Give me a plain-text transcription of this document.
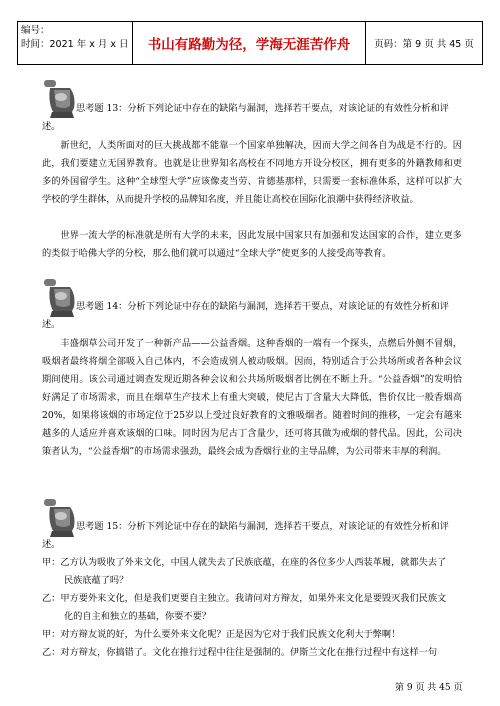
编号：
时间：2021 年 x 月 x 日	书山有路勤为径，学海无涯苦作舟	页码：第 9 页 共 45 页
思考题 13：分析下列论证中存在的缺陷与漏洞，选择若干要点，对该论证的有效性分析和评述。
新世纪，人类所面对的巨大挑战都不能靠一个国家单独解决，因而大学之间各自为战是不行的。因此，我们要建立无国界教育。也就是让世界知名高校在不同地方开设分校区，拥有更多的外籍教师和更多的外国留学生。这种“全球型大学”应该像麦当劳、肯德基那样，只需要一套标准体系，这样可以扩大学校的学生群体，从而提升学校的品牌知名度，并且能让高校在国际化浪潮中获得经济收益。
世界一流大学的标准就是所有大学的未来，因此发展中国家只有加强和发达国家的合作，建立更多的类似于哈佛大学的分校，那么他们就可以通过“全球大学”使更多的人接受高等教育。
思考题 14：分析下列论证中存在的缺陷与漏洞，选择若干要点，对该论证的有效性分析和评述。
丰盛烟草公司开发了一种新产品——公益香烟。这种香烟的一端有一个探头，点燃后外侧不冒烟，吸烟者最终将烟全部吸入自己体内，不会造成别人被动吸烟。因而，特别适合于公共场所或者各种会议期间使用。该公司通过调查发现近期各种会议和公共场所吸烟者比例在不断上升。“公益香烟”的发明恰好满足了市场需求，而且在烟草生产技术上有重大突破，使尼古丁含量大大降低，售价仅比一般香烟高20%，如果将该烟的市场定位于25岁以上受过良好教育的文雅吸烟者。随着时间的推移，一定会有越来越多的人适应并喜欢该烟的口味。同时因为尼古丁含量少，还可将其做为戒烟的替代品。因此，公司决策者认为，“公益香烟”的市场需求强劲，最终会成为香烟行业的主导品牌，为公司带来丰厚的利润。
思考题 15：分析下列论证中存在的缺陷与漏洞，选择若干要点，对该论证的有效性分析和评述。
甲：乙方认为吸收了外来文化，中国人就失去了民族底蕴，在座的各位多少人西装革履，就都失去了
民族底蕴了吗？
乙：甲方要外来文化，但是我们更要自主独立。我请问对方辩友，如果外来文化是要毁灭我们民族文
化的自主和独立的基础，你要不要？
甲：对方辩友说的好，为什么要外来文化呢？正是因为它对于我们民族文化利大于弊啊！
乙：对方辩友，你搞错了。文化在推行过程中往往是强制的。伊斯兰文化在推行过程中有这样一句
第 9 页 共 45 页
